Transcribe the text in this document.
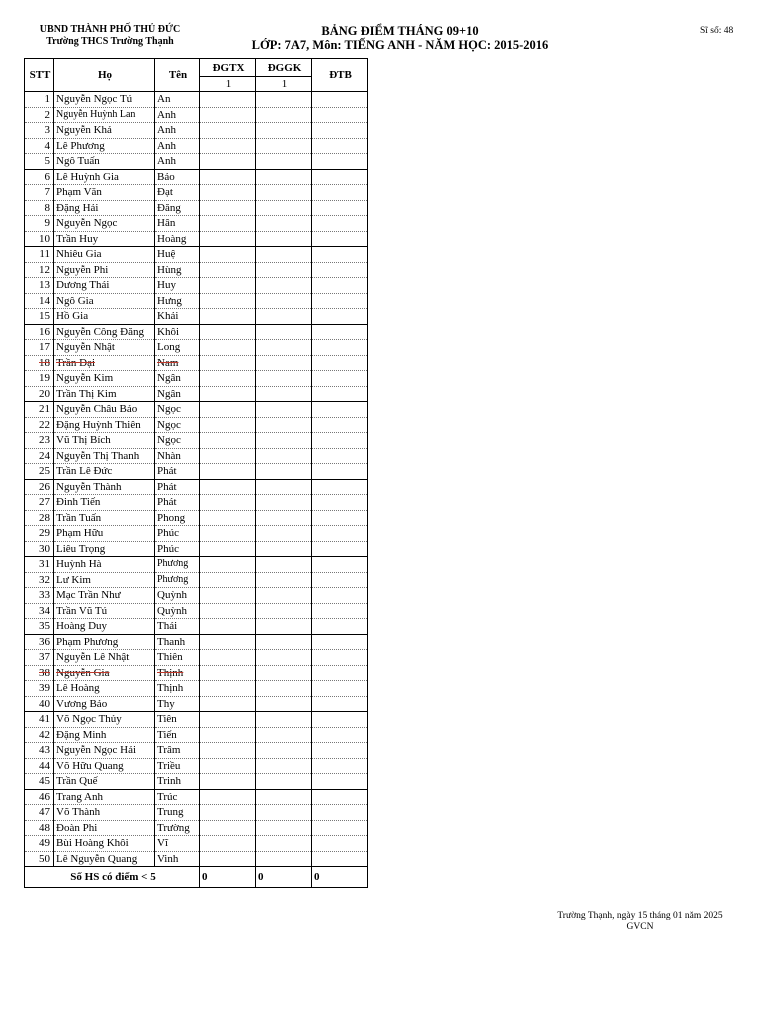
UBND THÀNH PHỐ THỦ ĐỨC
Trường THCS Trường Thạnh
BẢNG ĐIỂM THÁNG 09+10
LỚP: 7A7, Môn: TIẾNG ANH - NĂM HỌC: 2015-2016
Sĩ số: 48
STT	Họ	Tên	ĐGTX	ĐGGK	ĐTB
			1	1	
1	Nguyễn Ngọc Tú	An			
2	Nguyễn Huỳnh Lan	Anh			
3	Nguyễn Khả	Anh			
4	Lê Phương	Anh			
5	Ngô Tuấn	Anh			
6	Lê Huỳnh Gia	Bảo			
7	Phạm Văn	Đạt			
8	Đặng Hải	Đăng			
9	Nguyễn Ngọc	Hân			
10	Trần Huy	Hoàng			
11	Nhiêu Gia	Huệ			
12	Nguyễn Phi	Hùng			
13	Dương Thái	Huy			
14	Ngô Gia	Hưng			
15	Hồ Gia	Khải			
16	Nguyễn Công Đăng	Khôi			
17	Nguyễn Nhật	Long			
18	Trần Đại	Nam			
19	Nguyễn Kim	Ngân			
20	Trần Thị Kim	Ngân			
21	Nguyễn Châu Bảo	Ngọc			
22	Đặng Huỳnh Thiên	Ngọc			
23	Vũ Thị Bích	Ngọc			
24	Nguyễn Thị Thanh	Nhàn			
25	Trần Lê Đức	Phát			
26	Nguyễn Thành	Phát			
27	Đinh Tiến	Phát			
28	Trần Tuấn	Phong			
29	Phạm Hữu	Phúc			
30	Liêu Trọng	Phúc			
31	Huỳnh Hà	Phương			
32	Lư Kim	Phương			
33	Mạc Trần Như	Quỳnh			
34	Trần Vũ Tú	Quỳnh			
35	Hoàng Duy	Thái			
36	Phạm Phương	Thanh			
37	Nguyễn Lê Nhật	Thiên			
38	Nguyễn Gia	Thịnh			
39	Lê Hoàng	Thịnh			
40	Vương Bảo	Thy			
41	Võ Ngọc Thủy	Tiên			
42	Đặng Minh	Tiến			
43	Nguyễn Ngọc Hải	Trâm			
44	Võ Hữu Quang	Triều			
45	Trần Quế	Trinh			
46	Trang Anh	Trúc			
47	Võ Thành	Trung			
48	Đoàn Phi	Trường			
49	Bùi Hoàng Khôi	Vĩ			
50	Lê Nguyễn Quang	Vinh			
Số HS có điểm < 5			0	0	0
Trường Thạnh, ngày 15 tháng 01 năm 2025
GVCN
